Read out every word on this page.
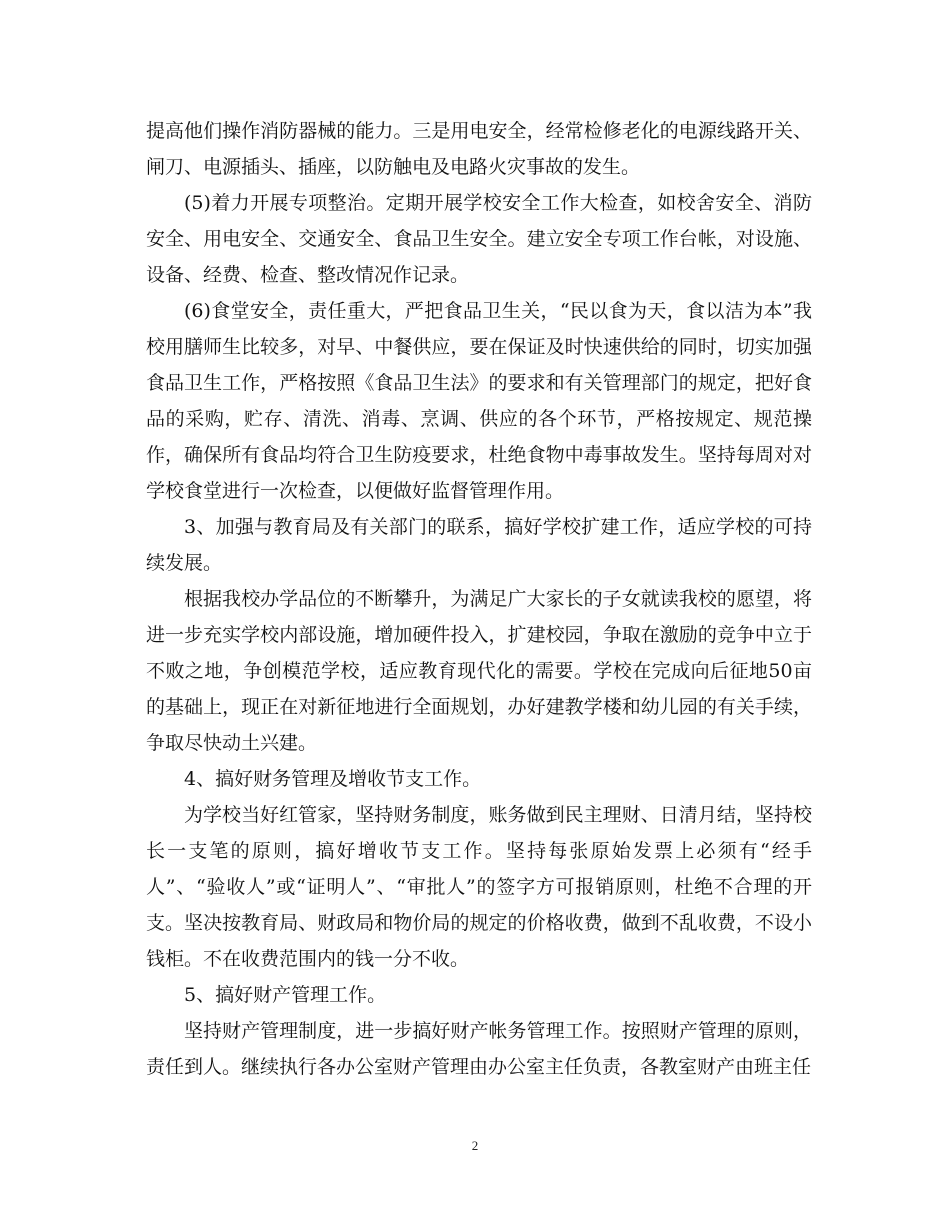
提高他们操作消防器械的能力。三是用电安全，经常检修老化的电源线路开关、闸刀、电源插头、插座，以防触电及电路火灾事故的发生。

(5)着力开展专项整治。定期开展学校安全工作大检查，如校舍安全、消防安全、用电安全、交通安全、食品卫生安全。建立安全专项工作台帐，对设施、设备、经费、检查、整改情况作记录。

(6)食堂安全，责任重大，严把食品卫生关，“民以食为天，食以洁为本”我校用膳师生比较多，对早、中餐供应，要在保证及时快速供给的同时，切实加强食品卫生工作，严格按照《食品卫生法》的要求和有关管理部门的规定，把好食品的采购，贮存、清洗、消毒、烹调、供应的各个环节，严格按规定、规范操作，确保所有食品均符合卫生防疫要求，杜绝食物中毒事故发生。坚持每周对对学校食堂进行一次检查，以便做好监督管理作用。

3、加强与教育局及有关部门的联系，搞好学校扩建工作，适应学校的可持续发展。

根据我校办学品位的不断攀升，为满足广大家长的子女就读我校的愿望，将进一步充实学校内部设施，增加硬件投入，扩建校园，争取在激励的竞争中立于不败之地，争创模范学校，适应教育现代化的需要。学校在完成向后征地50亩的基础上，现正在对新征地进行全面规划，办好建教学楼和幼儿园的有关手续，争取尽快动土兴建。

4、搞好财务管理及增收节支工作。

为学校当好红管家，坚持财务制度，账务做到民主理财、日清月结，坚持校长一支笔的原则，搞好增收节支工作。坚持每张原始发票上必须有“经手人”、“验收人”或“证明人”、“审批人”的签字方可报销原则，杜绝不合理的开支。坚决按教育局、财政局和物价局的规定的价格收费，做到不乱收费，不设小钱柜。不在收费范围内的钱一分不收。

5、搞好财产管理工作。

坚持财产管理制度，进一步搞好财产帐务管理工作。按照财产管理的原则，责任到人。继续执行各办公室财产管理由办公室主任负责，各教室财产由班主任

2
